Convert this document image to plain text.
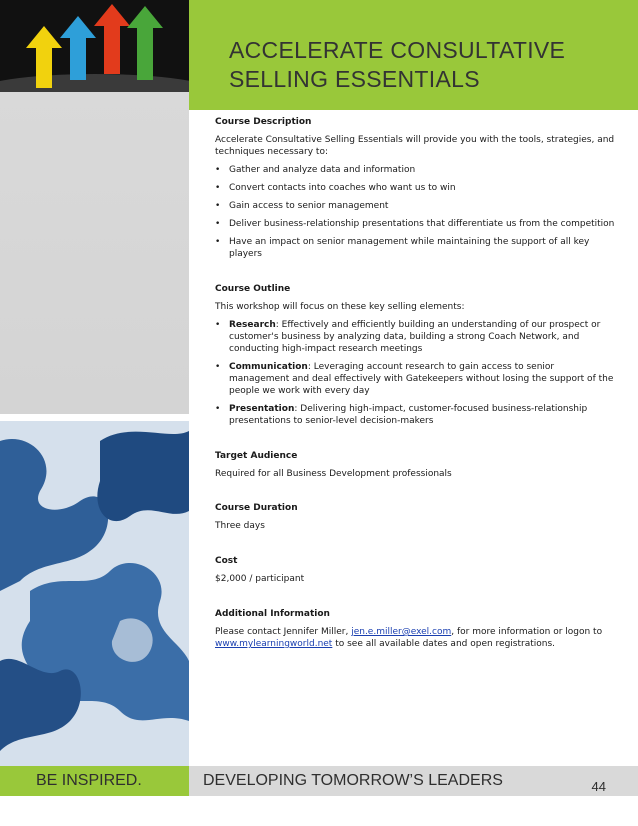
ACCELERATE CONSULTATIVE
SELLING ESSENTIALS
Course Description

Accelerate Consultative Selling Essentials will provide you with the tools, strategies, and techniques necessary to:

• Gather and analyze data and information
• Convert contacts into coaches who want us to win
• Gain access to senior management
• Deliver business-relationship presentations that differentiate us from the competition
• Have an impact on senior management while maintaining the support of all key players
Course Outline

This workshop will focus on these key selling elements:

• Research: Effectively and efficiently building an understanding of our prospect or customer's business by analyzing data, building a strong Coach Network, and conducting high-impact research meetings
• Communication: Leveraging account research to gain access to senior management and deal effectively with Gatekeepers without losing the support of the people we work with every day
• Presentation: Delivering high-impact, customer-focused business-relationship presentations to senior-level decision-makers
Target Audience

Required for all Business Development professionals

Course Duration

Three days

Cost

$2,000 / participant

Additional Information

Please contact Jennifer Miller, jen.e.miller@exel.com, for more information or logon to www.mylearningworld.net to see all available dates and open registrations.

BE INSPIRED.	DEVELOPING TOMORROW’S LEADERS	44
